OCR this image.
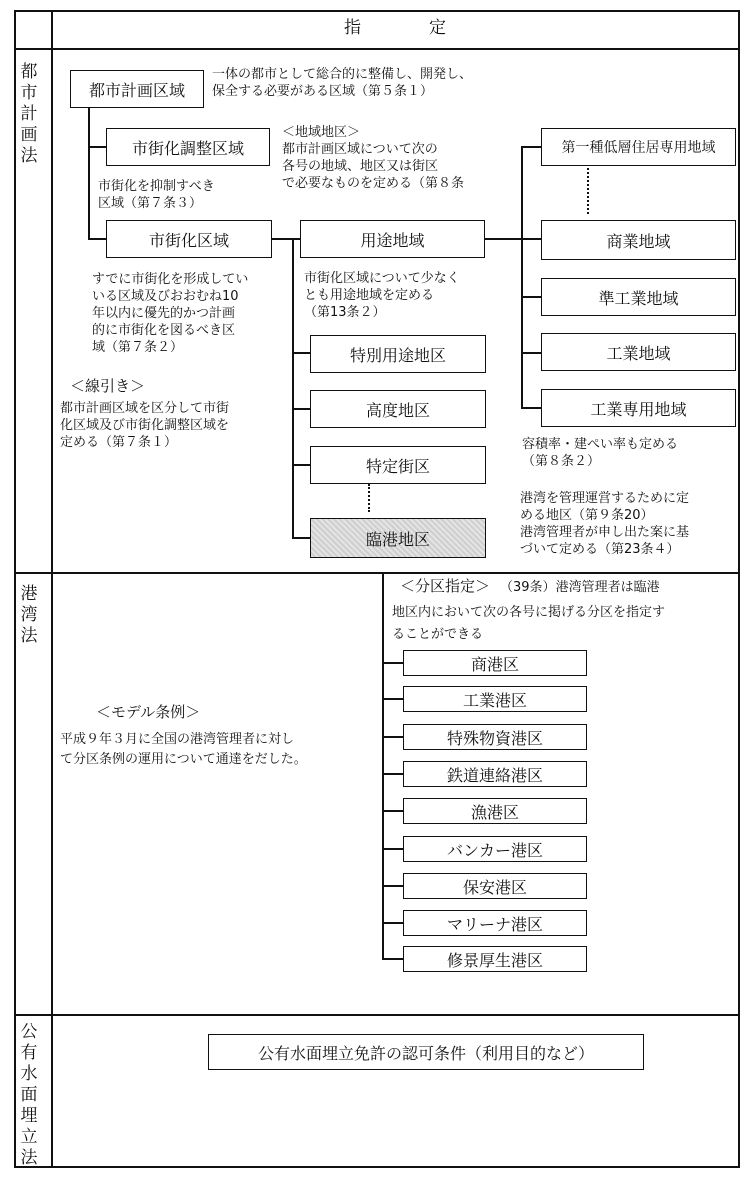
指　　　　定
都
市
計
画
法
港
湾
法
公
有
水
面
埋
立
法
都市計画区域
市街化調整区域
市街化区域	用途地域
特別用途地区
高度地区
特定街区
臨港地区
第一種低層住居専用地域
商業地域
準工業地域
工業地域
工業専用地域
一体の都市として総合的に整備し、開発し、
保全する必要がある区域（第５条１）
＜地域地区＞
都市計画区域について次の
各号の地域、地区又は街区
で必要なものを定める（第８条
市街化を抑制すべき
区域（第７条３）
すでに市街化を形成してい
いる区域及びおおむね10
年以内に優先的かつ計画
的に市街化を図るべき区
域（第７条２）
＜線引き＞
都市計画区域を区分して市街
化区域及び市街化調整区域を
定める（第７条１）
市街化区域について少なく
とも用途地域を定める
（第13条２）
容積率・建ぺい率も定める
（第８条２）
港湾を管理運営するために定
める地区（第９条20）
港湾管理者が申し出た案に基
づいて定める（第23条４）
＜分区指定＞ （39条）港湾管理者は臨港
地区内において次の各号に掲げる分区を指定す
ることができる
＜モデル条例＞
平成９年３月に全国の港湾管理者に対し
て分区条例の運用について通達をだした。
商港区
工業港区
特殊物資港区
鉄道連絡港区
漁港区
バンカー港区
保安港区
マリーナ港区
修景厚生港区
公有水面埋立免許の認可条件（利用目的など）
